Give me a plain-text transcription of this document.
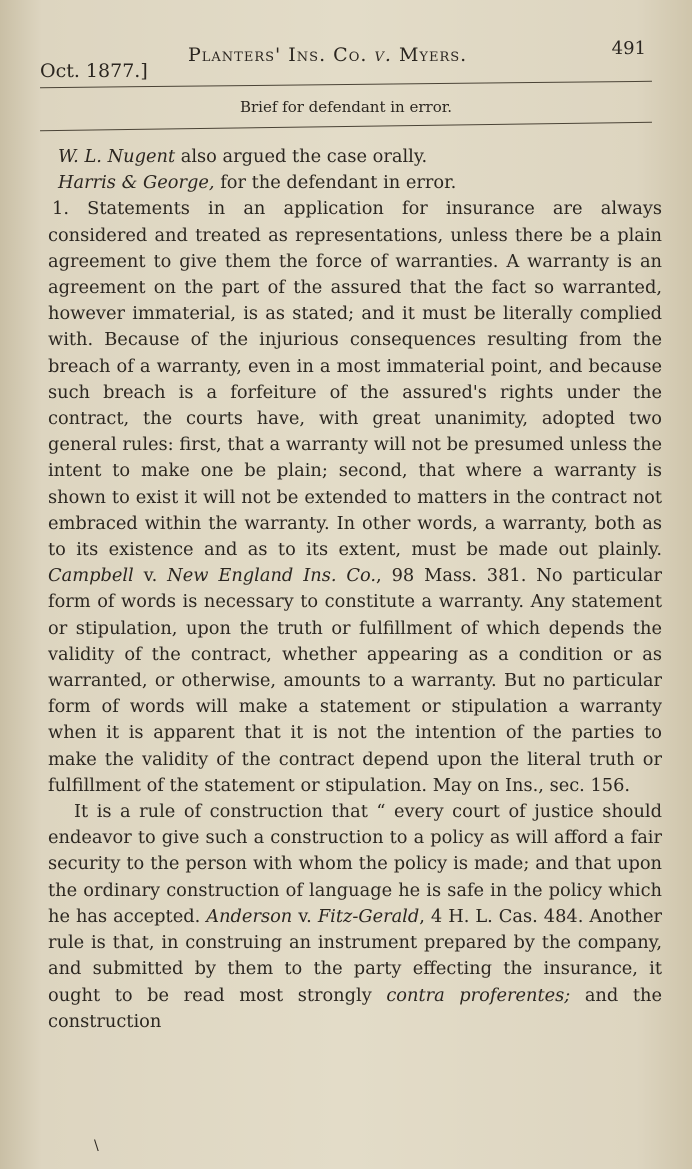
Oct. 1877.]
Planters' Ins. Co. v. Myers.	491
Brief for defendant in error.

W. L. Nugent also argued the case orally.

Harris & George, for the defendant in error.

1. Statements in an application for insurance are always considered and treated as representations, unless there be a plain agreement to give them the force of warranties. A warranty is an agreement on the part of the assured that the fact so warranted, however immaterial, is as stated; and it must be literally complied with. Because of the injurious consequences resulting from the breach of a warranty, even in a most immaterial point, and because such breach is a forfeiture of the assured's rights under the contract, the courts have, with great unanimity, adopted two general rules: first, that a warranty will not be presumed unless the intent to make one be plain; second, that where a warranty is shown to exist it will not be extended to matters in the contract not embraced within the warranty. In other words, a warranty, both as to its existence and as to its extent, must be made out plainly. Campbell v. New England Ins. Co., 98 Mass. 381. No particular form of words is necessary to constitute a warranty. Any statement or stipulation, upon the truth or fulfillment of which depends the validity of the contract, whether appearing as a condition or as warranted, or otherwise, amounts to a warranty. But no particular form of words will make a statement or stipulation a warranty when it is apparent that it is not the intention of the parties to make the validity of the contract depend upon the literal truth or fulfillment of the statement or stipulation. May on Ins., sec. 156.

It is a rule of construction that “ every court of justice should endeavor to give such a construction to a policy as will afford a fair security to the person with whom the policy is made; and that upon the ordinary construction of language he is safe in the policy which he has accepted. Anderson v. Fitz-Gerald, 4 H. L. Cas. 484. Another rule is that, in construing an instrument prepared by the company, and submitted by them to the party effecting the insurance, it ought to be read most strongly contra proferentes; and the construction

\
